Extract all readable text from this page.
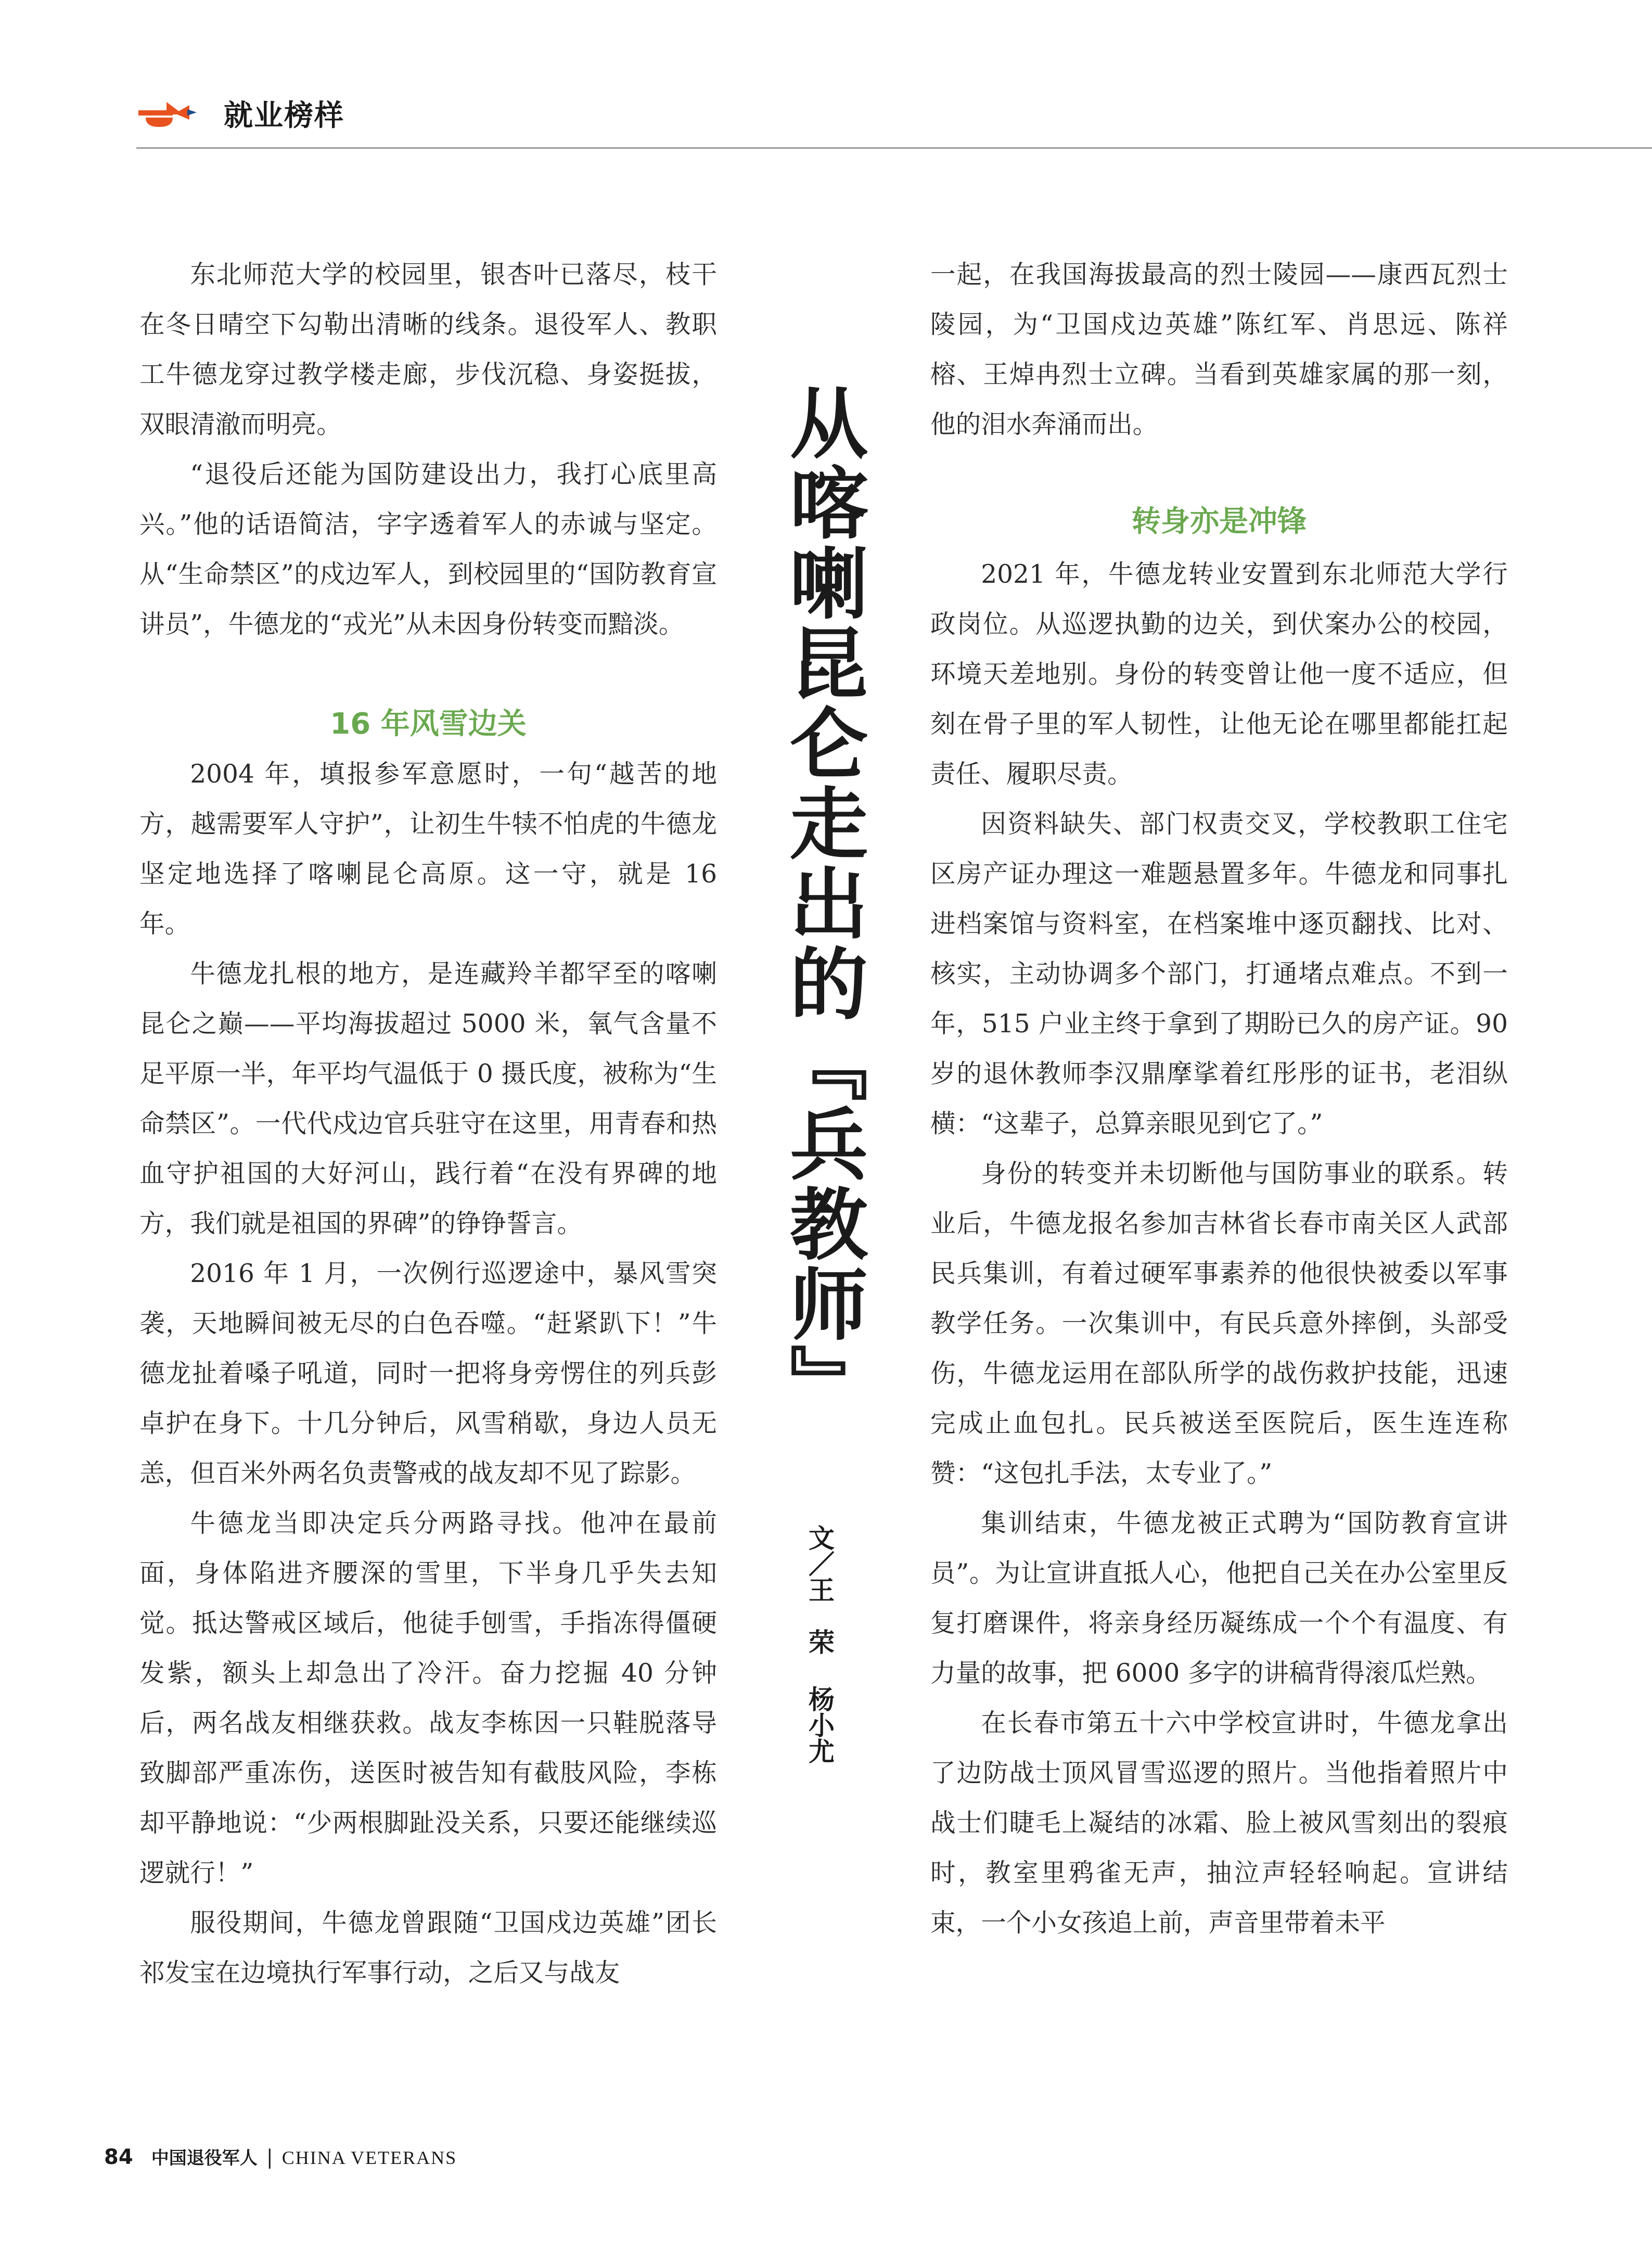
就业榜样

东北师范大学的校园里，银杏叶已落尽，枝干在冬日晴空下勾勒出清晰的线条。退役军人、教职工牛德龙穿过教学楼走廊，步伐沉稳、身姿挺拔，双眼清澈而明亮。

“退役后还能为国防建设出力，我打心底里高兴。”他的话语简洁，字字透着军人的赤诚与坚定。从“生命禁区”的戍边军人，到校园里的“国防教育宣讲员”，牛德龙的“戎光”从未因身份转变而黯淡。

16 年风雪边关

2004 年，填报参军意愿时，一句“越苦的地方，越需要军人守护”，让初生牛犊不怕虎的牛德龙坚定地选择了喀喇昆仑高原。这一守，就是 16 年。

牛德龙扎根的地方，是连藏羚羊都罕至的喀喇昆仑之巅——平均海拔超过 5000 米，氧气含量不足平原一半，年平均气温低于 0 摄氏度，被称为“生命禁区”。一代代戍边官兵驻守在这里，用青春和热血守护祖国的大好河山，践行着“在没有界碑的地方，我们就是祖国的界碑”的铮铮誓言。

2016 年 1 月，一次例行巡逻途中，暴风雪突袭，天地瞬间被无尽的白色吞噬。“赶紧趴下！”牛德龙扯着嗓子吼道，同时一把将身旁愣住的列兵彭卓护在身下。十几分钟后，风雪稍歇，身边人员无恙，但百米外两名负责警戒的战友却不见了踪影。

牛德龙当即决定兵分两路寻找。他冲在最前面，身体陷进齐腰深的雪里，下半身几乎失去知觉。抵达警戒区域后，他徒手刨雪，手指冻得僵硬发紫，额头上却急出了冷汗。奋力挖掘 40 分钟后，两名战友相继获救。战友李栋因一只鞋脱落导致脚部严重冻伤，送医时被告知有截肢风险，李栋却平静地说：“少两根脚趾没关系，只要还能继续巡逻就行！”

服役期间，牛德龙曾跟随“卫国戍边英雄”团长祁发宝在边境执行军事行动，之后又与战友

从喀喇昆仑走出的『兵教师』
文／王　荣
杨小尤

一起，在我国海拔最高的烈士陵园——康西瓦烈士陵园，为“卫国戍边英雄”陈红军、肖思远、陈祥榕、王焯冉烈士立碑。当看到英雄家属的那一刻，他的泪水奔涌而出。

转身亦是冲锋

2021 年，牛德龙转业安置到东北师范大学行政岗位。从巡逻执勤的边关，到伏案办公的校园，环境天差地别。身份的转变曾让他一度不适应，但刻在骨子里的军人韧性，让他无论在哪里都能扛起责任、履职尽责。

因资料缺失、部门权责交叉，学校教职工住宅区房产证办理这一难题悬置多年。牛德龙和同事扎进档案馆与资料室，在档案堆中逐页翻找、比对、核实，主动协调多个部门，打通堵点难点。不到一年，515 户业主终于拿到了期盼已久的房产证。90 岁的退休教师李汉鼎摩挲着红彤彤的证书，老泪纵横：“这辈子，总算亲眼见到它了。”

身份的转变并未切断他与国防事业的联系。转业后，牛德龙报名参加吉林省长春市南关区人武部民兵集训，有着过硬军事素养的他很快被委以军事教学任务。一次集训中，有民兵意外摔倒，头部受伤，牛德龙运用在部队所学的战伤救护技能，迅速完成止血包扎。民兵被送至医院后，医生连连称赞：“这包扎手法，太专业了。”

集训结束，牛德龙被正式聘为“国防教育宣讲员”。为让宣讲直抵人心，他把自己关在办公室里反复打磨课件，将亲身经历凝练成一个个有温度、有力量的故事，把 6000 多字的讲稿背得滚瓜烂熟。

在长春市第五十六中学校宣讲时，牛德龙拿出了边防战士顶风冒雪巡逻的照片。当他指着照片中战士们睫毛上凝结的冰霜、脸上被风雪刻出的裂痕时，教室里鸦雀无声，抽泣声轻轻响起。宣讲结束，一个小女孩追上前，声音里带着未平

84 中国退役军人 | CHINA VETERANS
